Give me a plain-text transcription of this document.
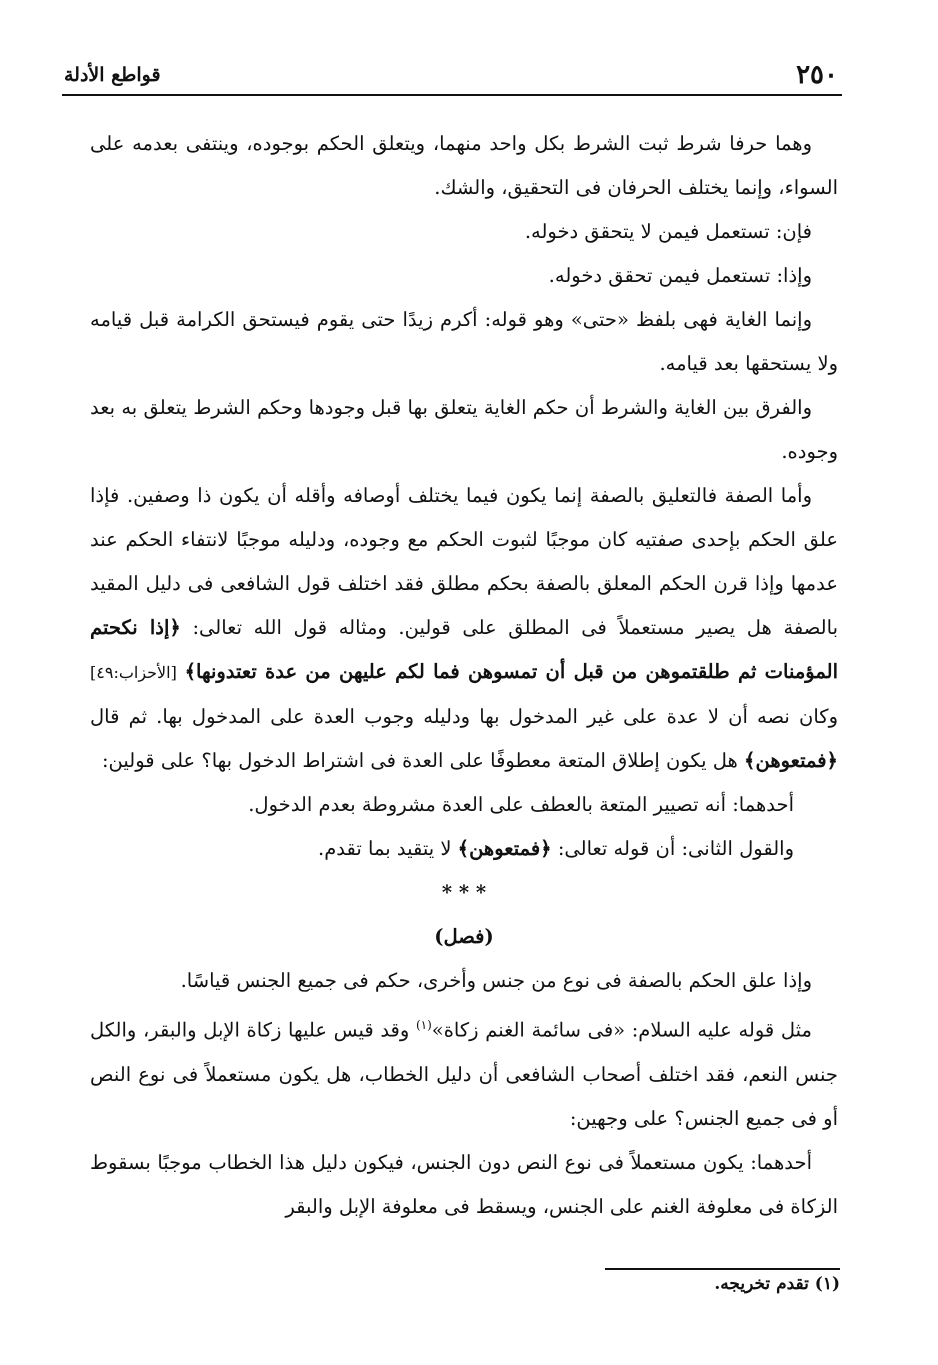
قواطع الأدلة	٢٥٠

وهما حرفا شرط ثبت الشرط بكل واحد منهما، ويتعلق الحكم بوجوده، وينتفى بعدمه على السواء، وإنما يختلف الحرفان فى التحقيق، والشك.

فإن: تستعمل فيمن لا يتحقق دخوله.

وإذا: تستعمل فيمن تحقق دخوله.

وإنما الغاية فهى بلفظ «حتى» وهو قوله: أكرم زيدًا حتى يقوم فيستحق الكرامة قبل قيامه ولا يستحقها بعد قيامه.

والفرق بين الغاية والشرط أن حكم الغاية يتعلق بها قبل وجودها وحكم الشرط يتعلق به بعد وجوده.

وأما الصفة فالتعليق بالصفة إنما يكون فيما يختلف أوصافه وأقله أن يكون ذا وصفين. فإذا علق الحكم بإحدى صفتيه كان موجبًا لثبوت الحكم مع وجوده، ودليله موجبًا لانتفاء الحكم عند عدمها وإذا قرن الحكم المعلق بالصفة بحكم مطلق فقد اختلف قول الشافعى فى دليل المقيد بالصفة هل يصير مستعملاً فى المطلق على قولين. ومثاله قول الله تعالى: ﴿إذا نكحتم المؤمنات ثم طلقتموهن من قبل أن تمسوهن فما لكم عليهن من عدة تعتدونها﴾ [الأحزاب:٤٩] وكان نصه أن لا عدة على غير المدخول بها ودليله وجوب العدة على المدخول بها. ثم قال ﴿فمتعوهن﴾ هل يكون إطلاق المتعة معطوفًا على العدة فى اشتراط الدخول بها؟ على قولين:

أحدهما: أنه تصيير المتعة بالعطف على العدة مشروطة بعدم الدخول.

والقول الثانى: أن قوله تعالى: ﴿فمتعوهن﴾ لا يتقيد بما تقدم.

* * *

(فصل)

وإذا علق الحكم بالصفة فى نوع من جنس وأخرى، حكم فى جميع الجنس قياسًا.

مثل قوله عليه السلام: «فى سائمة الغنم زكاة»$^{(١)}$ وقد قيس عليها زكاة الإبل والبقر، والكل جنس النعم، فقد اختلف أصحاب الشافعى أن دليل الخطاب، هل يكون مستعملاً فى نوع النص أو فى جميع الجنس؟ على وجهين:

أحدهما: يكون مستعملاً فى نوع النص دون الجنس، فيكون دليل هذا الخطاب موجبًا بسقوط الزكاة فى معلوفة الغنم على الجنس، ويسقط فى معلوفة الإبل والبقر

(١) تقدم تخريجه.
